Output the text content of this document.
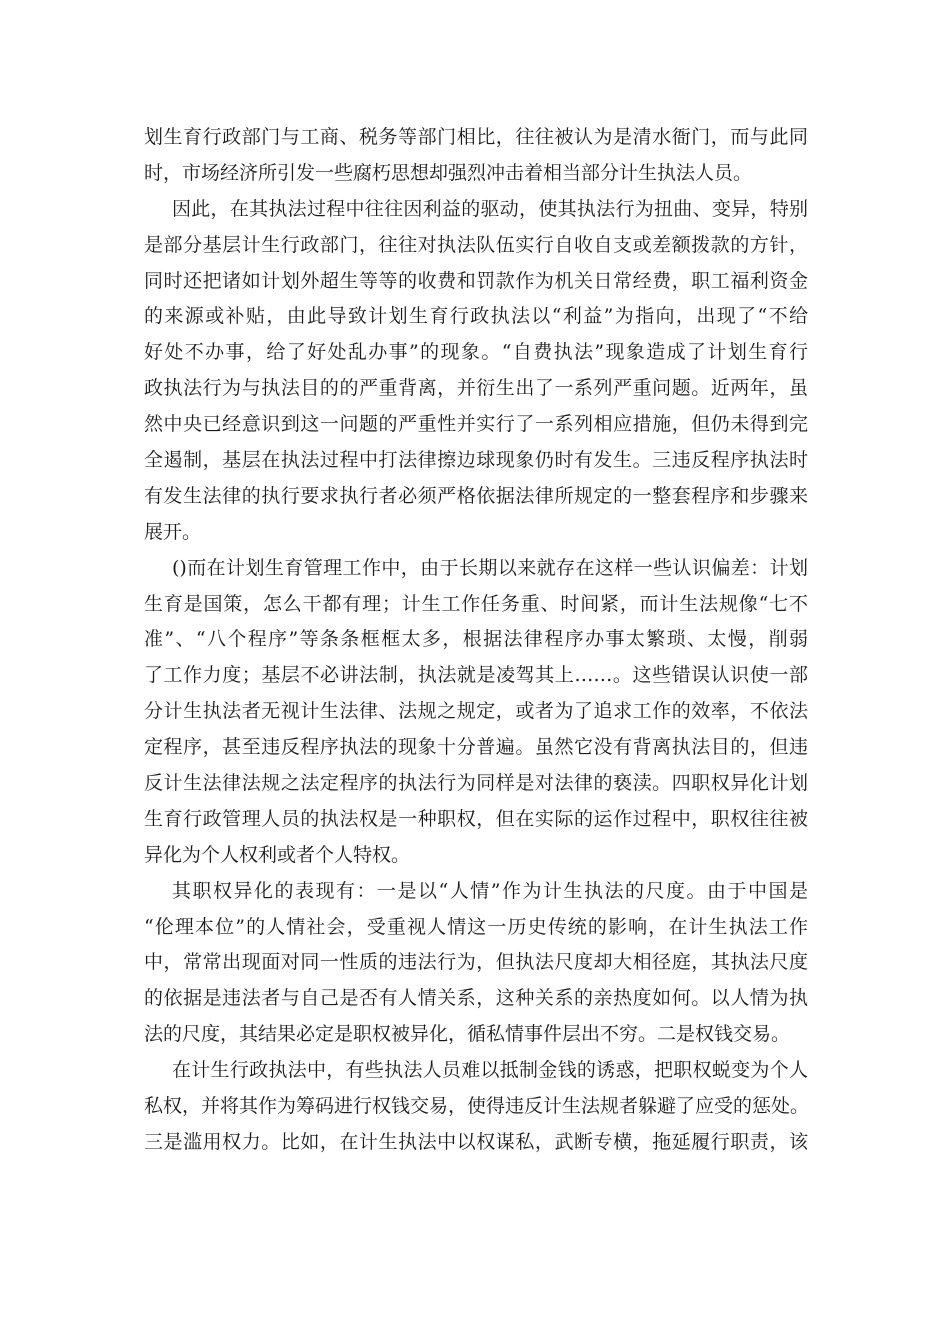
划生育行政部门与工商、税务等部门相比，往往被认为是清水衙门，而与此同
时，市场经济所引发一些腐朽思想却强烈冲击着相当部分计生执法人员。
因此，在其执法过程中往往因利益的驱动，使其执法行为扭曲、变异，特别
是部分基层计生行政部门，往往对执法队伍实行自收自支或差额拨款的方针，
同时还把诸如计划外超生等等的收费和罚款作为机关日常经费，职工福利资金
的来源或补贴，由此导致计划生育行政执法以“利益”为指向，出现了“不给
好处不办事，给了好处乱办事”的现象。“自费执法”现象造成了计划生育行
政执法行为与执法目的的严重背离，并衍生出了一系列严重问题。近两年，虽
然中央已经意识到这一问题的严重性并实行了一系列相应措施，但仍未得到完
全遏制，基层在执法过程中打法律擦边球现象仍时有发生。三违反程序执法时
有发生法律的执行要求执行者必须严格依据法律所规定的一整套程序和步骤来
展开。
()而在计划生育管理工作中，由于长期以来就存在这样一些认识偏差：计划
生育是国策，怎么干都有理；计生工作任务重、时间紧，而计生法规像“七不
准”、“八个程序”等条条框框太多，根据法律程序办事太繁琐、太慢，削弱
了工作力度；基层不必讲法制，执法就是凌驾其上……。这些错误认识使一部
分计生执法者无视计生法律、法规之规定，或者为了追求工作的效率，不依法
定程序，甚至违反程序执法的现象十分普遍。虽然它没有背离执法目的，但违
反计生法律法规之法定程序的执法行为同样是对法律的亵渎。四职权异化计划
生育行政管理人员的执法权是一种职权，但在实际的运作过程中，职权往往被
异化为个人权利或者个人特权。
其职权异化的表现有：一是以“人情”作为计生执法的尺度。由于中国是
“伦理本位”的人情社会，受重视人情这一历史传统的影响，在计生执法工作
中，常常出现面对同一性质的违法行为，但执法尺度却大相径庭，其执法尺度
的依据是违法者与自己是否有人情关系，这种关系的亲热度如何。以人情为执
法的尺度，其结果必定是职权被异化，循私情事件层出不穷。二是权钱交易。
在计生行政执法中，有些执法人员难以抵制金钱的诱惑，把职权蜕变为个人
私权，并将其作为筹码进行权钱交易，使得违反计生法规者躲避了应受的惩处。
三是滥用权力。比如，在计生执法中以权谋私，武断专横，拖延履行职责，该
